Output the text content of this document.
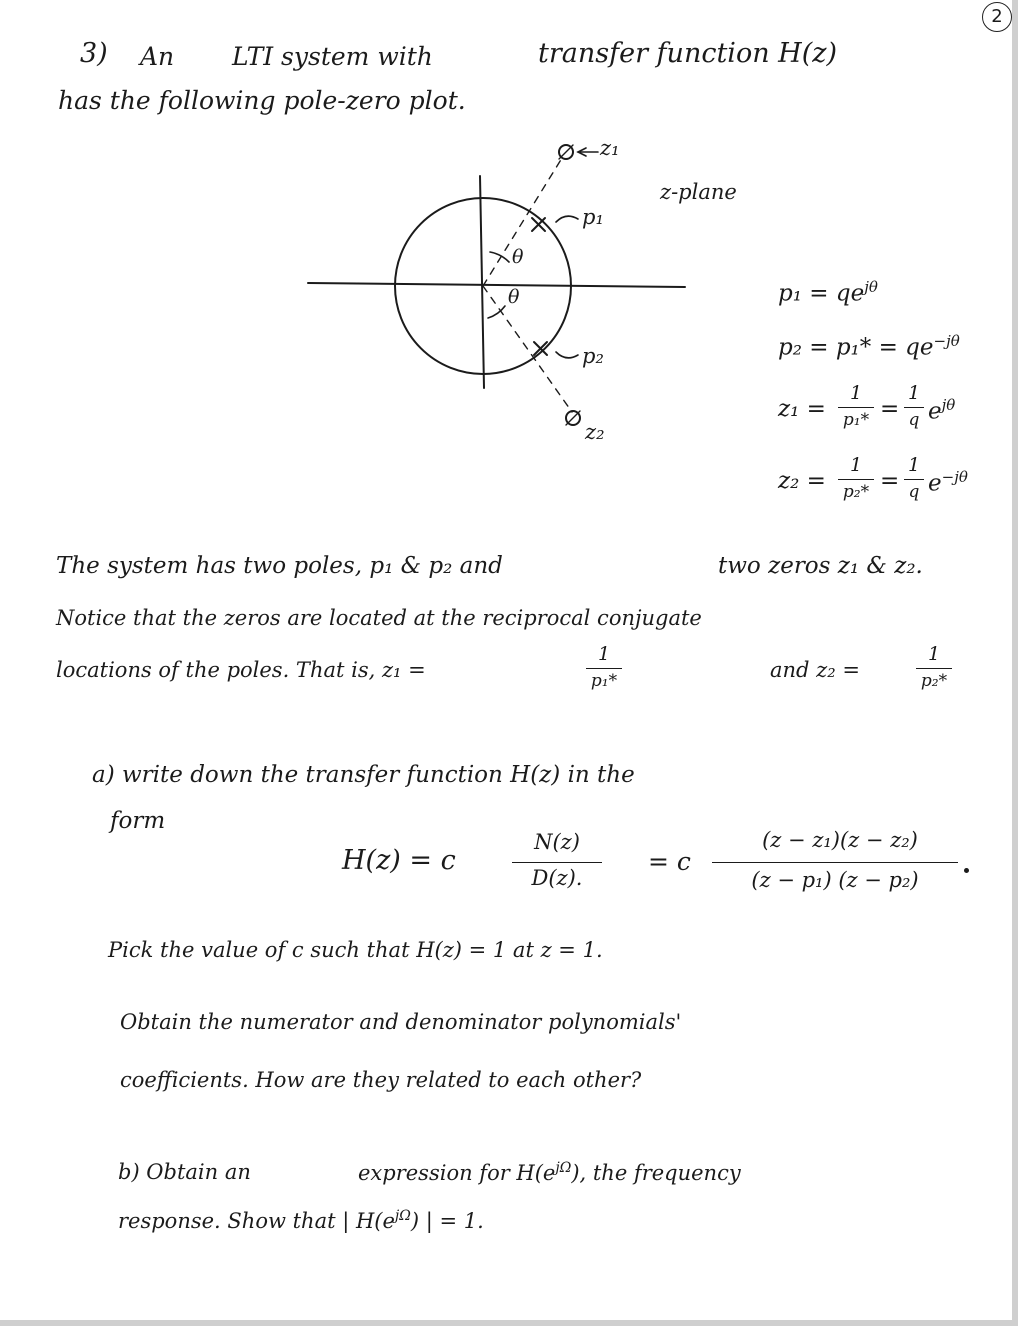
2
3) An LTI system with	transfer function H(z)
has the following pole-zero plot.
z₁
z-plane
p₁
p₂
z₂
θ
θ	$p_1 = qe^{j\theta}$
$p_2 = p_1* = qe^{-j\theta}$
z₁ =
1
p₁* =
1
q $e^{j\theta}$
z₂ =
1
p₂* =
1
q $e^{-j\theta}$
The system has two poles, p₁ & p₂ and	two zeros z₁ & z₂.
Notice that the zeros are located at the reciprocal conjugate
locations of the poles. That is, z₁ =
1
p₁*	and z₂ =
1
p₂*
a) write down the transfer function H(z) in the
form
H(z) = c
N(z)
D(z).
= c
(z − z₁)(z − z₂)
(z − p₁) (z − p₂)
Pick the value of c such that H(z) = 1 at z = 1.
Obtain the numerator and denominator polynomials'
coefficients. How are they related to each other?
b) Obtain an	expression for $H(e^{j\Omega})$, the frequency
response. Show that | $H(e^{j\Omega})$ | = 1.
